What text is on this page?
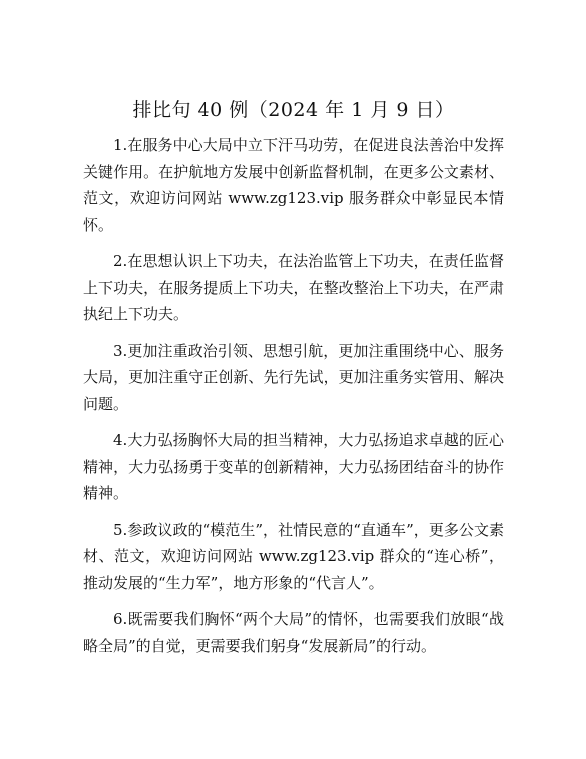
排比句 40 例（2024 年 1 月 9 日）

1.在服务中心大局中立下汗马功劳，在促进良法善治中发挥关键作用。在护航地方发展中创新监督机制，在更多公文素材、范文，欢迎访问网站 www.zg123.vip 服务群众中彰显民本情怀。

2.在思想认识上下功夫，在法治监管上下功夫，在责任监督上下功夫，在服务提质上下功夫，在整改整治上下功夫，在严肃执纪上下功夫。

3.更加注重政治引领、思想引航，更加注重围绕中心、服务大局，更加注重守正创新、先行先试，更加注重务实管用、解决问题。

4.大力弘扬胸怀大局的担当精神，大力弘扬追求卓越的匠心精神，大力弘扬勇于变革的创新精神，大力弘扬团结奋斗的协作精神。

5.参政议政的“模范生”，社情民意的“直通车”，更多公文素材、范文，欢迎访问网站 www.zg123.vip 群众的“连心桥”，推动发展的“生力军”，地方形象的“代言人”。

6.既需要我们胸怀“两个大局”的情怀，也需要我们放眼“战略全局”的自觉，更需要我们躬身“发展新局”的行动。
